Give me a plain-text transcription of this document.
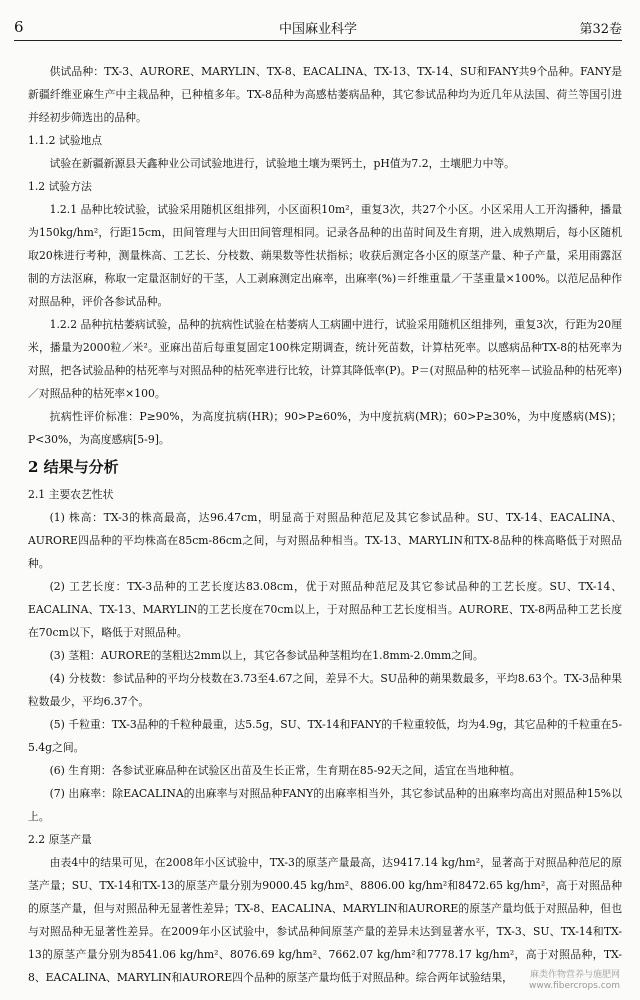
6	中国麻业科学	第32卷

供试品种：TX-3、AURORE、MARYLIN、TX-8、EACALINA、TX-13、TX-14、SU和FANY共9个品种。FANY是新疆纤维亚麻生产中主栽品种，已种植多年。TX-8品种为高感枯萎病品种，其它参试品种均为近几年从法国、荷兰等国引进并经初步筛选出的品种。

1.1.2 试验地点

试验在新疆新源县天鑫种业公司试验地进行，试验地土壤为栗钙土，pH值为7.2，土壤肥力中等。

1.2 试验方法

1.2.1 品种比较试验，试验采用随机区组排列，小区面积10m²，重复3次，共27个小区。小区采用人工开沟播种，播量为150kg/hm²，行距15cm，田间管理与大田田间管理相同。记录各品种的出苗时间及生育期，进入成熟期后，每小区随机取20株进行考种，测量株高、工艺长、分枝数、蒴果数等性状指标；收获后测定各小区的原茎产量、种子产量，采用雨露沤制的方法沤麻，称取一定量沤制好的干茎，人工剥麻测定出麻率，出麻率(%)＝纤维重量／干茎重量×100%。以范尼品种作对照品种，评价各参试品种。

1.2.2 品种抗枯萎病试验，品种的抗病性试验在枯萎病人工病圃中进行，试验采用随机区组排列，重复3次，行距为20厘米，播量为2000粒／米²。亚麻出苗后每重复固定100株定期调查，统计死苗数，计算枯死率。以感病品种TX-8的枯死率为对照，把各试验品种的枯死率与对照品种的枯死率进行比较，计算其降低率(P)。P＝(对照品种的枯死率－试验品种的枯死率)／对照品种的枯死率×100。

抗病性评价标准：P≥90%，为高度抗病(HR)；90>P≥60%，为中度抗病(MR)；60>P≥30%，为中度感病(MS)；P<30%，为高度感病[5-9]。

2 结果与分析
2.1 主要农艺性状

(1) 株高：TX-3的株高最高，达96.47cm，明显高于对照品种范尼及其它参试品种。SU、TX-14、EACALINA、AURORE四品种的平均株高在85cm-86cm之间，与对照品种相当。TX-13、MARYLIN和TX-8品种的株高略低于对照品种。

(2) 工艺长度：TX-3品种的工艺长度达83.08cm，优于对照品种范尼及其它参试品种的工艺长度。SU、TX-14、EACALINA、TX-13、MARYLIN的工艺长度在70cm以上，于对照品种工艺长度相当。AURORE、TX-8两品种工艺长度在70cm以下，略低于对照品种。

(3) 茎粗：AURORE的茎粗达2mm以上，其它各参试品种茎粗均在1.8mm-2.0mm之间。

(4) 分枝数：参试品种的平均分枝数在3.73至4.67之间，差异不大。SU品种的蒴果数最多，平均8.63个。TX-3品种果粒数最少，平均6.37个。

(5) 千粒重：TX-3品种的千粒种最重，达5.5g，SU、TX-14和FANY的千粒重较低，均为4.9g，其它品种的千粒重在5-5.4g之间。

(6) 生育期：各参试亚麻品种在试验区出苗及生长正常，生育期在85-92天之间，适宜在当地种植。

(7) 出麻率：除EACALINA的出麻率与对照品种FANY的出麻率相当外，其它参试品种的出麻率均高出对照品种15%以上。

2.2 原茎产量

由表4中的结果可见，在2008年小区试验中，TX-3的原茎产量最高，达9417.14 kg/hm²，显著高于对照品种范尼的原茎产量；SU、TX-14和TX-13的原茎产量分别为9000.45 kg/hm²、8806.00 kg/hm²和8472.65 kg/hm²，高于对照品种的原茎产量，但与对照品种无显著性差异；TX-8、EACALINA、MARYLIN和AURORE的原茎产量均低于对照品种，但也与对照品种无显著性差异。在2009年小区试验中，参试品种间原茎产量的差异未达到显著水平，TX-3、SU、TX-14和TX-13的原茎产量分别为8541.06 kg/hm²、8076.69 kg/hm²、7662.07 kg/hm²和7778.17 kg/hm²，高于对照品种，TX-8、EACALINA、MARYLIN和AURORE四个品种的原茎产量均低于对照品种。综合两年试验结果，	麻类作物营养与施肥网
www.fibercrops.com
